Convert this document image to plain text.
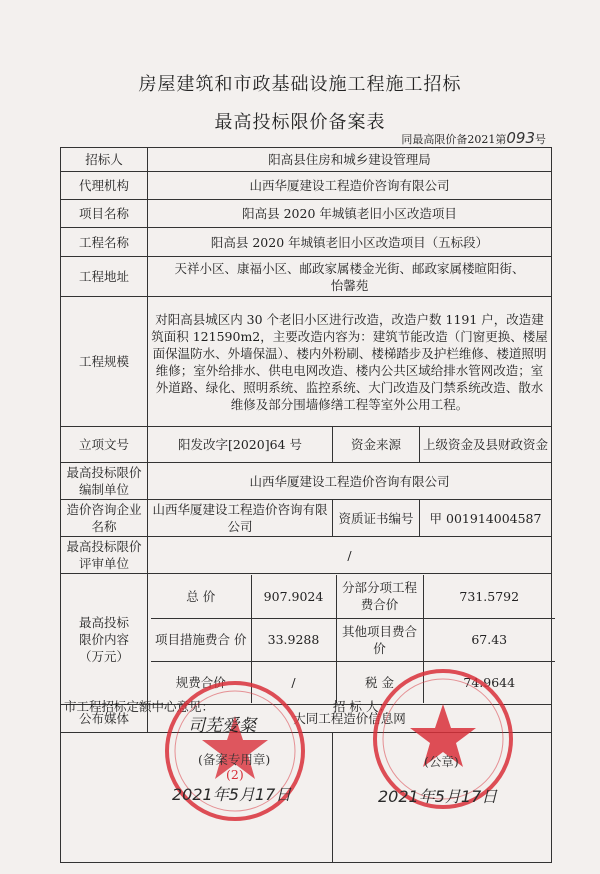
房屋建筑和市政基础设施工程施工招标
最高投标限价备案表
同最高限价备2021第093号
招标人	阳高县住房和城乡建设管理局
代理机构	山西华厦建设工程造价咨询有限公司
项目名称	阳高县 2020 年城镇老旧小区改造项目
工程名称	阳高县 2020 年城镇老旧小区改造项目（五标段）
工程地址	
天祥小区、康福小区、邮政家属楼金光街、邮政家属楼暄阳街、
怡馨苑

工程规模	对阳高县城区内 30 个老旧小区进行改造，改造户数 1191 户，改造建筑面积 121590m2，主要改造内容为：建筑节能改造（门窗更换、楼屋面保温防水、外墙保温）、楼内外粉刷、楼梯踏步及护栏维修、楼道照明维修；室外给排水、供电电网改造、楼内公共区域给排水管网改造；室外道路、绿化、照明系统、监控系统、大门改造及门禁系统改造、散水维修及部分围墙修缮工程等室外公用工程。
立项文号	阳发改字[2020]64 号	资金来源	上级资金及县财政资金
最高投标限价编制单位	山西华厦建设工程造价咨询有限公司
造价咨询企业名称	山西华厦建设工程造价咨询有限公司	资质证书编号	甲 001914004587
最高投标限价评审单位	/

最高投标
限价内容
（万元）

总 价	907.9024	分部分项工程费合价	731.5792
项目措施费合 价	33.9288	其他项目费合 价	67.43
规费合价	/	税 金	74.9644

公布媒体	大同工程造价信息网

市工程招标定额中心意见：	招 标 人：
司芜爱粲
(备案专用章)
(2)
2021年5月17日
(公章)
2021年5月17日
